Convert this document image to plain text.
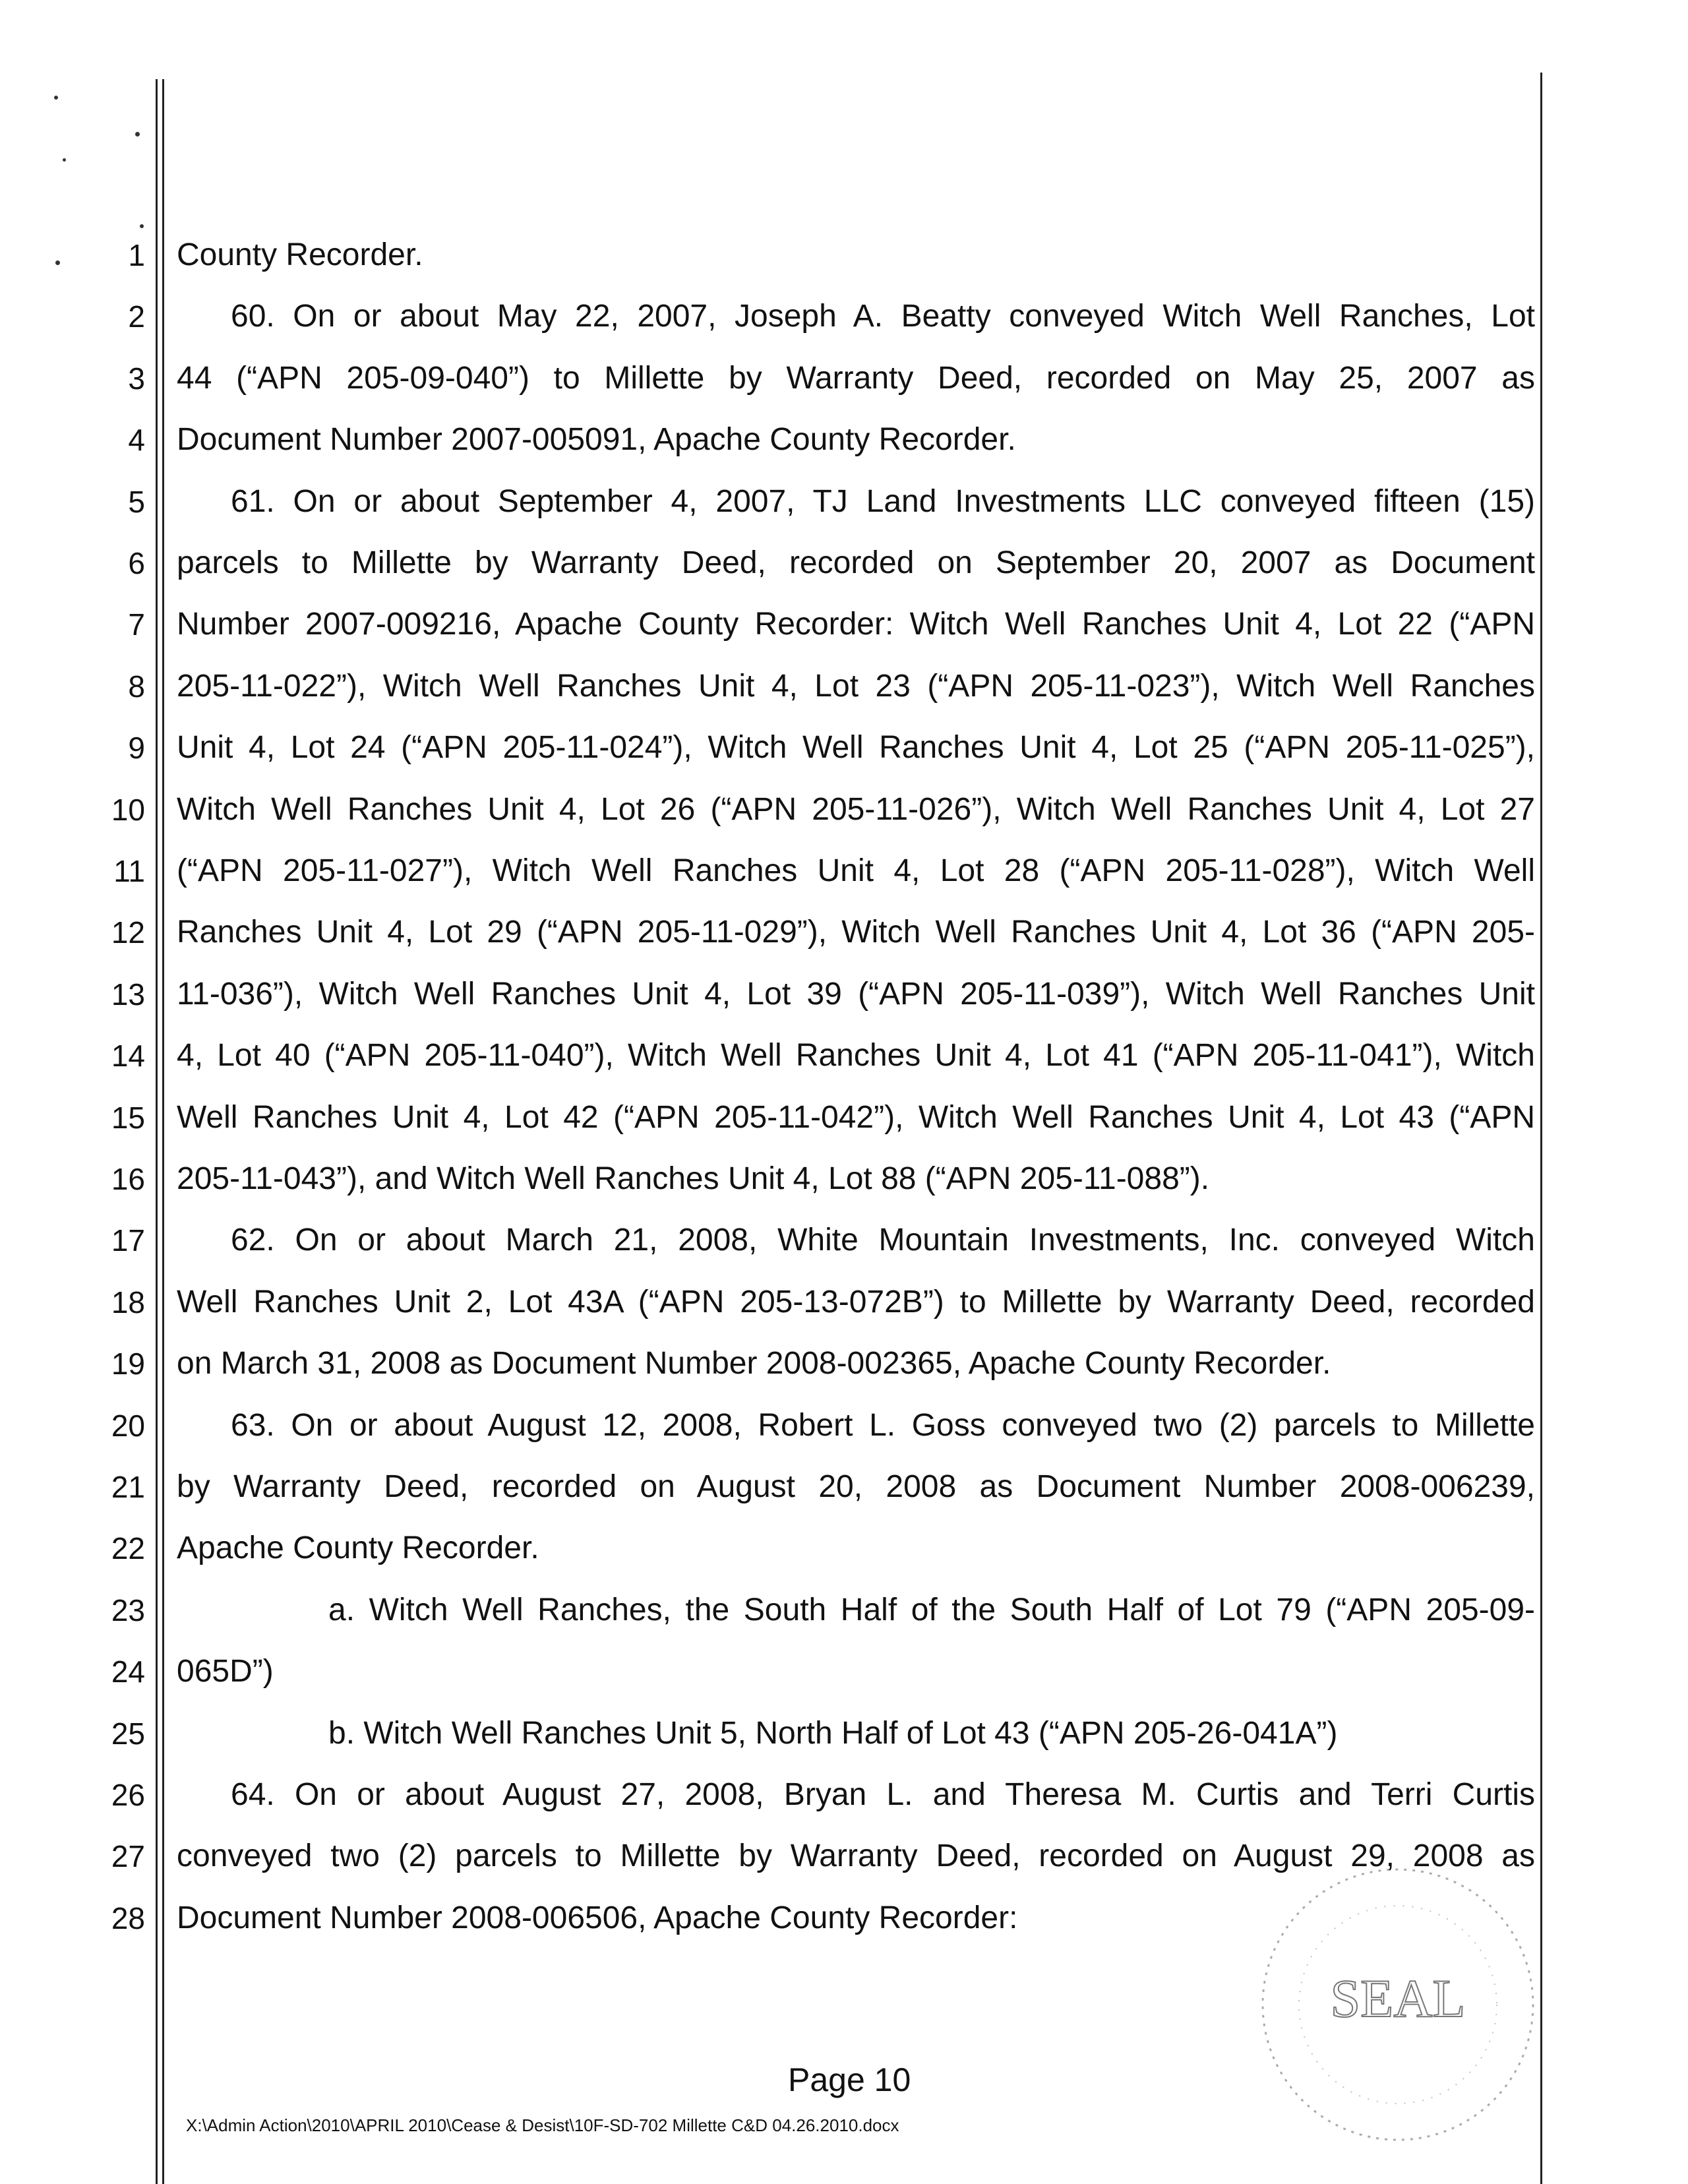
1
2
3
4
5
6
7
8
9
10
11
12
13
14
15
16
17
18
19
20
21
22
23
24
25
26
27
28
County Recorder.
60. On or about May 22, 2007, Joseph A. Beatty conveyed Witch Well Ranches, Lot
44 (“APN 205-09-040”) to Millette by Warranty Deed, recorded on May 25, 2007 as
Document Number 2007-005091, Apache County Recorder.
61. On or about September 4, 2007, TJ Land Investments LLC conveyed fifteen (15)
parcels to Millette by Warranty Deed, recorded on September 20, 2007 as Document
Number 2007-009216, Apache County Recorder: Witch Well Ranches Unit 4, Lot 22 (“APN
205-11-022”), Witch Well Ranches Unit 4, Lot 23 (“APN 205-11-023”), Witch Well Ranches
Unit 4, Lot 24 (“APN 205-11-024”), Witch Well Ranches Unit 4, Lot 25 (“APN 205-11-025”),
Witch Well Ranches Unit 4, Lot 26 (“APN 205-11-026”), Witch Well Ranches Unit 4, Lot 27
(“APN 205-11-027”), Witch Well Ranches Unit 4, Lot 28 (“APN 205-11-028”), Witch Well
Ranches Unit 4, Lot 29 (“APN 205-11-029”), Witch Well Ranches Unit 4, Lot 36 (“APN 205-
11-036”), Witch Well Ranches Unit 4, Lot 39 (“APN 205-11-039”), Witch Well Ranches Unit
4, Lot 40 (“APN 205-11-040”), Witch Well Ranches Unit 4, Lot 41 (“APN 205-11-041”), Witch
Well Ranches Unit 4, Lot 42 (“APN 205-11-042”), Witch Well Ranches Unit 4, Lot 43 (“APN
205-11-043”), and Witch Well Ranches Unit 4, Lot 88 (“APN 205-11-088”).
62. On or about March 21, 2008, White Mountain Investments, Inc. conveyed Witch
Well Ranches Unit 2, Lot 43A (“APN 205-13-072B”) to Millette by Warranty Deed, recorded
on March 31, 2008 as Document Number 2008-002365, Apache County Recorder.
63. On or about August 12, 2008, Robert L. Goss conveyed two (2) parcels to Millette
by Warranty Deed, recorded on August 20, 2008 as Document Number 2008-006239,
Apache County Recorder.
a. Witch Well Ranches, the South Half of the South Half of Lot 79 (“APN 205-09-
065D”)
b. Witch Well Ranches Unit 5, North Half of Lot 43 (“APN 205-26-041A”)
64. On or about August 27, 2008, Bryan L. and Theresa M. Curtis and Terri Curtis
conveyed two (2) parcels to Millette by Warranty Deed, recorded on August 29, 2008 as
Document Number 2008-006506, Apache County Recorder:
Page 10
X:\Admin Action\2010\APRIL 2010\Cease & Desist\10F-SD-702 Millette C&D 04.26.2010.docx
SEAL
